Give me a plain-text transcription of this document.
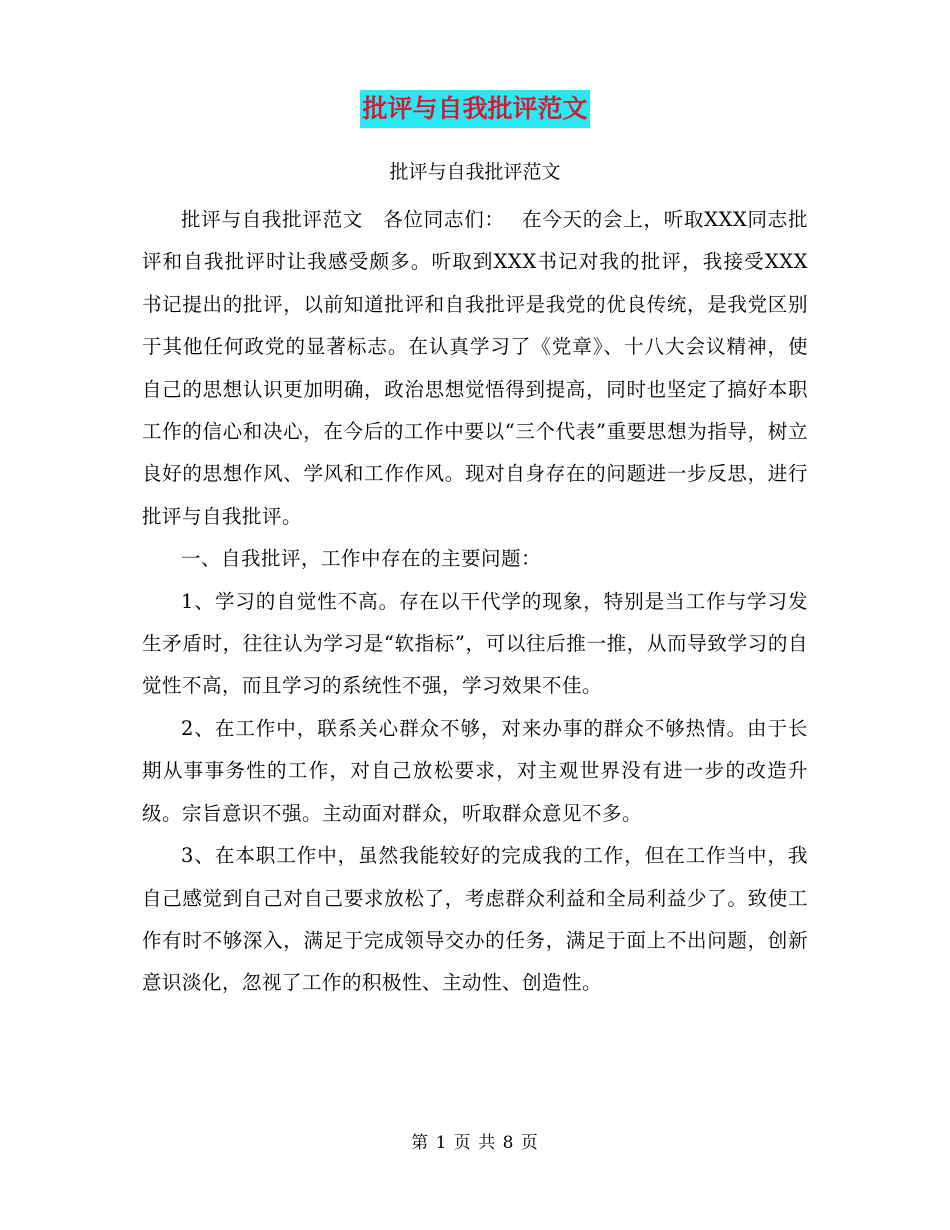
批评与自我批评范文
批评与自我批评范文

批评与自我批评范文　各位同志们：　 在今天的会上，听取XXX同志批评和自我批评时让我感受颇多。听取到XXX书记对我的批评，我接受XXX书记提出的批评，以前知道批评和自我批评是我党的优良传统，是我党区别于其他任何政党的显著标志。在认真学习了《党章》、十八大会议精神，使自己的思想认识更加明确，政治思想觉悟得到提高，同时也坚定了搞好本职工作的信心和决心，在今后的工作中要以“三个代表”重要思想为指导，树立良好的思想作风、学风和工作作风。现对自身存在的问题进一步反思，进行批评与自我批评。

一、自我批评，工作中存在的主要问题：

1、学习的自觉性不高。存在以干代学的现象，特别是当工作与学习发生矛盾时，往往认为学习是“软指标”，可以往后推一推，从而导致学习的自觉性不高，而且学习的系统性不强，学习效果不佳。

2、在工作中，联系关心群众不够，对来办事的群众不够热情。由于长期从事事务性的工作，对自己放松要求，对主观世界没有进一步的改造升级。宗旨意识不强。主动面对群众，听取群众意见不多。

3、在本职工作中，虽然我能较好的完成我的工作，但在工作当中，我自己感觉到自己对自己要求放松了，考虑群众利益和全局利益少了。致使工作有时不够深入，满足于完成领导交办的任务，满足于面上不出问题，创新意识淡化，忽视了工作的积极性、主动性、创造性。

第 1 页 共 8 页
